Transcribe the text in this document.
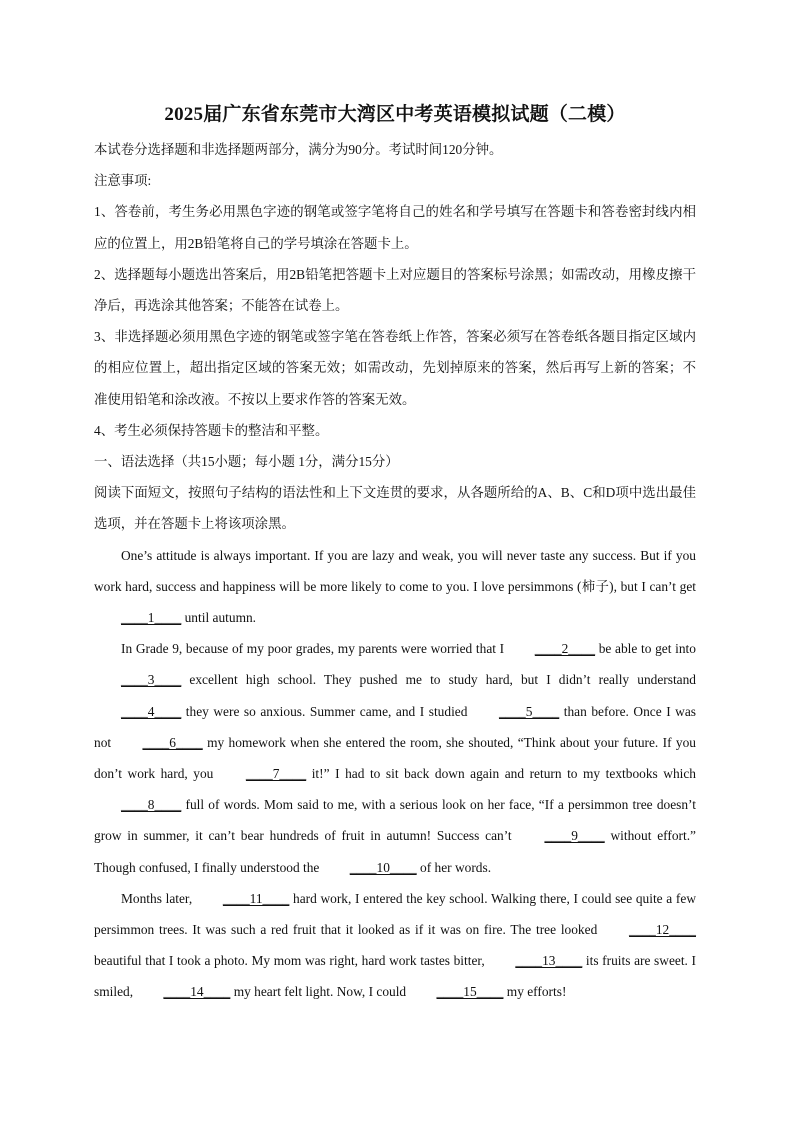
2025届广东省东莞市大湾区中考英语模拟试题（二模）

本试卷分选择题和非选择题两部分，满分为90分。考试时间120分钟。

注意事项:

1、答卷前，考生务必用黑色字迹的钢笔或签字笔将自己的姓名和学号填写在答题卡和答卷密封线内相应的位置上，用2B铅笔将自己的学号填涂在答题卡上。

2、选择题每小题选出答案后，用2B铅笔把答题卡上对应题目的答案标号涂黑；如需改动，用橡皮擦干净后，再选涂其他答案；不能答在试卷上。

3、非选择题必须用黑色字迹的钢笔或签字笔在答卷纸上作答，答案必须写在答卷纸各题目指定区域内的相应位置上，超出指定区域的答案无效；如需改动，先划掉原来的答案，然后再写上新的答案；不准使用铅笔和涂改液。不按以上要求作答的答案无效。

4、考生必须保持答题卡的整洁和平整。

一、语法选择（共15小题；每小题 1分，满分15分）

阅读下面短文，按照句子结构的语法性和上下文连贯的要求，从各题所给的A、B、C和D项中选出最佳选项，并在答题卡上将该项涂黑。

One’s attitude is always important. If you are lazy and weak, you will never taste any success. But if you work hard, success and happiness will be more likely to come to you. I love persimmons (柿子), but I can’t get ____1____ until autumn.

In Grade 9, because of my poor grades, my parents were worried that I ____2____ be able to get into ____3____ excellent high school. They pushed me to study hard, but I didn’t really understand ____4____ they were so anxious. Summer came, and I studied ____5____ than before. Once I was not ____6____ my homework when she entered the room, she shouted, “Think about your future. If you don’t work hard, you ____7____ it!” I had to sit back down again and return to my textbooks which ____8____ full of words. Mom said to me, with a serious look on her face, “If a persimmon tree doesn’t grow in summer, it can’t bear hundreds of fruit in autumn! Success can’t ____9____ without effort.” Though confused, I finally understood the ____10____ of her words.

Months later, ____11____ hard work, I entered the key school. Walking there, I could see quite a few persimmon trees. It was such a red fruit that it looked as if it was on fire. The tree looked ____12____ beautiful that I took a photo. My mom was right, hard work tastes bitter, ____13____ its fruits are sweet. I smiled, ____14____ my heart felt light. Now, I could ____15____ my efforts!
